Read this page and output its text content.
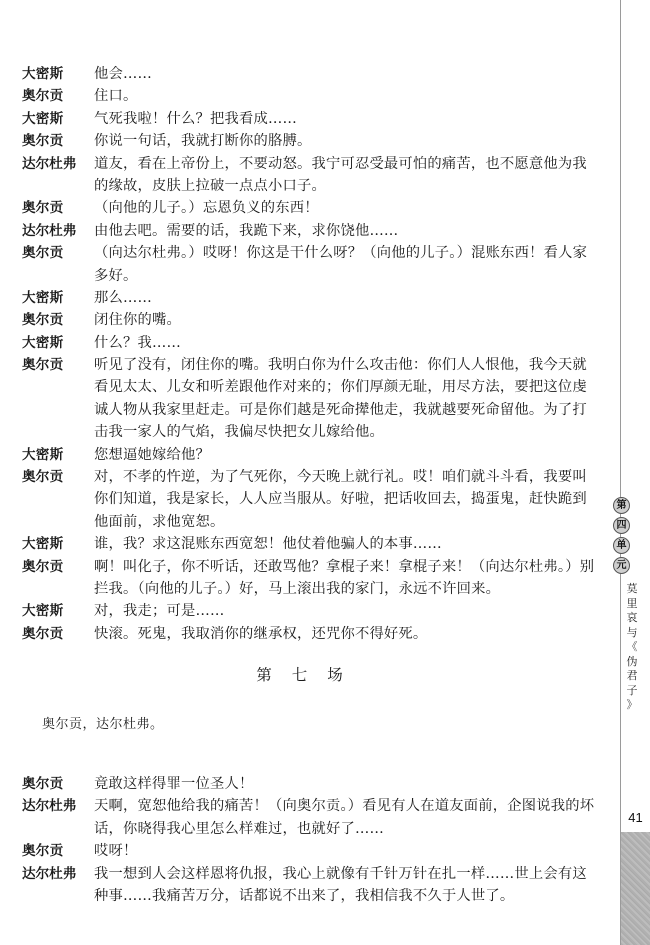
大密斯	他会……
奥尔贡	住口。
大密斯	气死我啦！什么？把我看成……
奥尔贡	你说一句话，我就打断你的胳膊。
达尔杜弗	道友，看在上帝份上，不要动怒。我宁可忍受最可怕的痛苦，也不愿意他为我
的缘故，皮肤上拉破一点点小口子。
奥尔贡	（向他的儿子。）忘恩负义的东西！
达尔杜弗	由他去吧。需要的话，我跪下来，求你饶他……
奥尔贡	（向达尔杜弗。）哎呀！你这是干什么呀？（向他的儿子。）混账东西！看人家
多好。
大密斯	那么……
奥尔贡	闭住你的嘴。
大密斯	什么？我……
奥尔贡	听见了没有，闭住你的嘴。我明白你为什么攻击他：你们人人恨他，我今天就
看见太太、儿女和听差跟他作对来的；你们厚颜无耻，用尽方法，要把这位虔
诚人物从我家里赶走。可是你们越是死命撵他走，我就越要死命留他。为了打
击我一家人的气焰，我偏尽快把女儿嫁给他。
大密斯	您想逼她嫁给他？
奥尔贡	对，不孝的忤逆，为了气死你，今天晚上就行礼。哎！咱们就斗斗看，我要叫
你们知道，我是家长，人人应当服从。好啦，把话收回去，捣蛋鬼，赶快跪到
他面前，求他宽恕。
大密斯	谁，我？求这混账东西宽恕！他仗着他骗人的本事……
奥尔贡	啊！叫化子，你不听话，还敢骂他？拿棍子来！拿棍子来！（向达尔杜弗。）别
拦我。（向他的儿子。）好，马上滚出我的家门，永远不许回来。
大密斯	对，我走；可是……
奥尔贡	快滚。死鬼，我取消你的继承权，还咒你不得好死。
第七场
奥尔贡，达尔杜弗。
奥尔贡	竟敢这样得罪一位圣人！
达尔杜弗	天啊，宽恕他给我的痛苦！（向奥尔贡。）看见有人在道友面前，企图说我的坏
话，你晓得我心里怎么样难过，也就好了……
奥尔贡	哎呀！
达尔杜弗	我一想到人会这样恩将仇报，我心上就像有千针万针在扎一样……世上会有这
种事……我痛苦万分，话都说不出来了，我相信我不久于人世了。
第
四
单
元
莫
里
哀
与
《
伪
君
子
》
41
